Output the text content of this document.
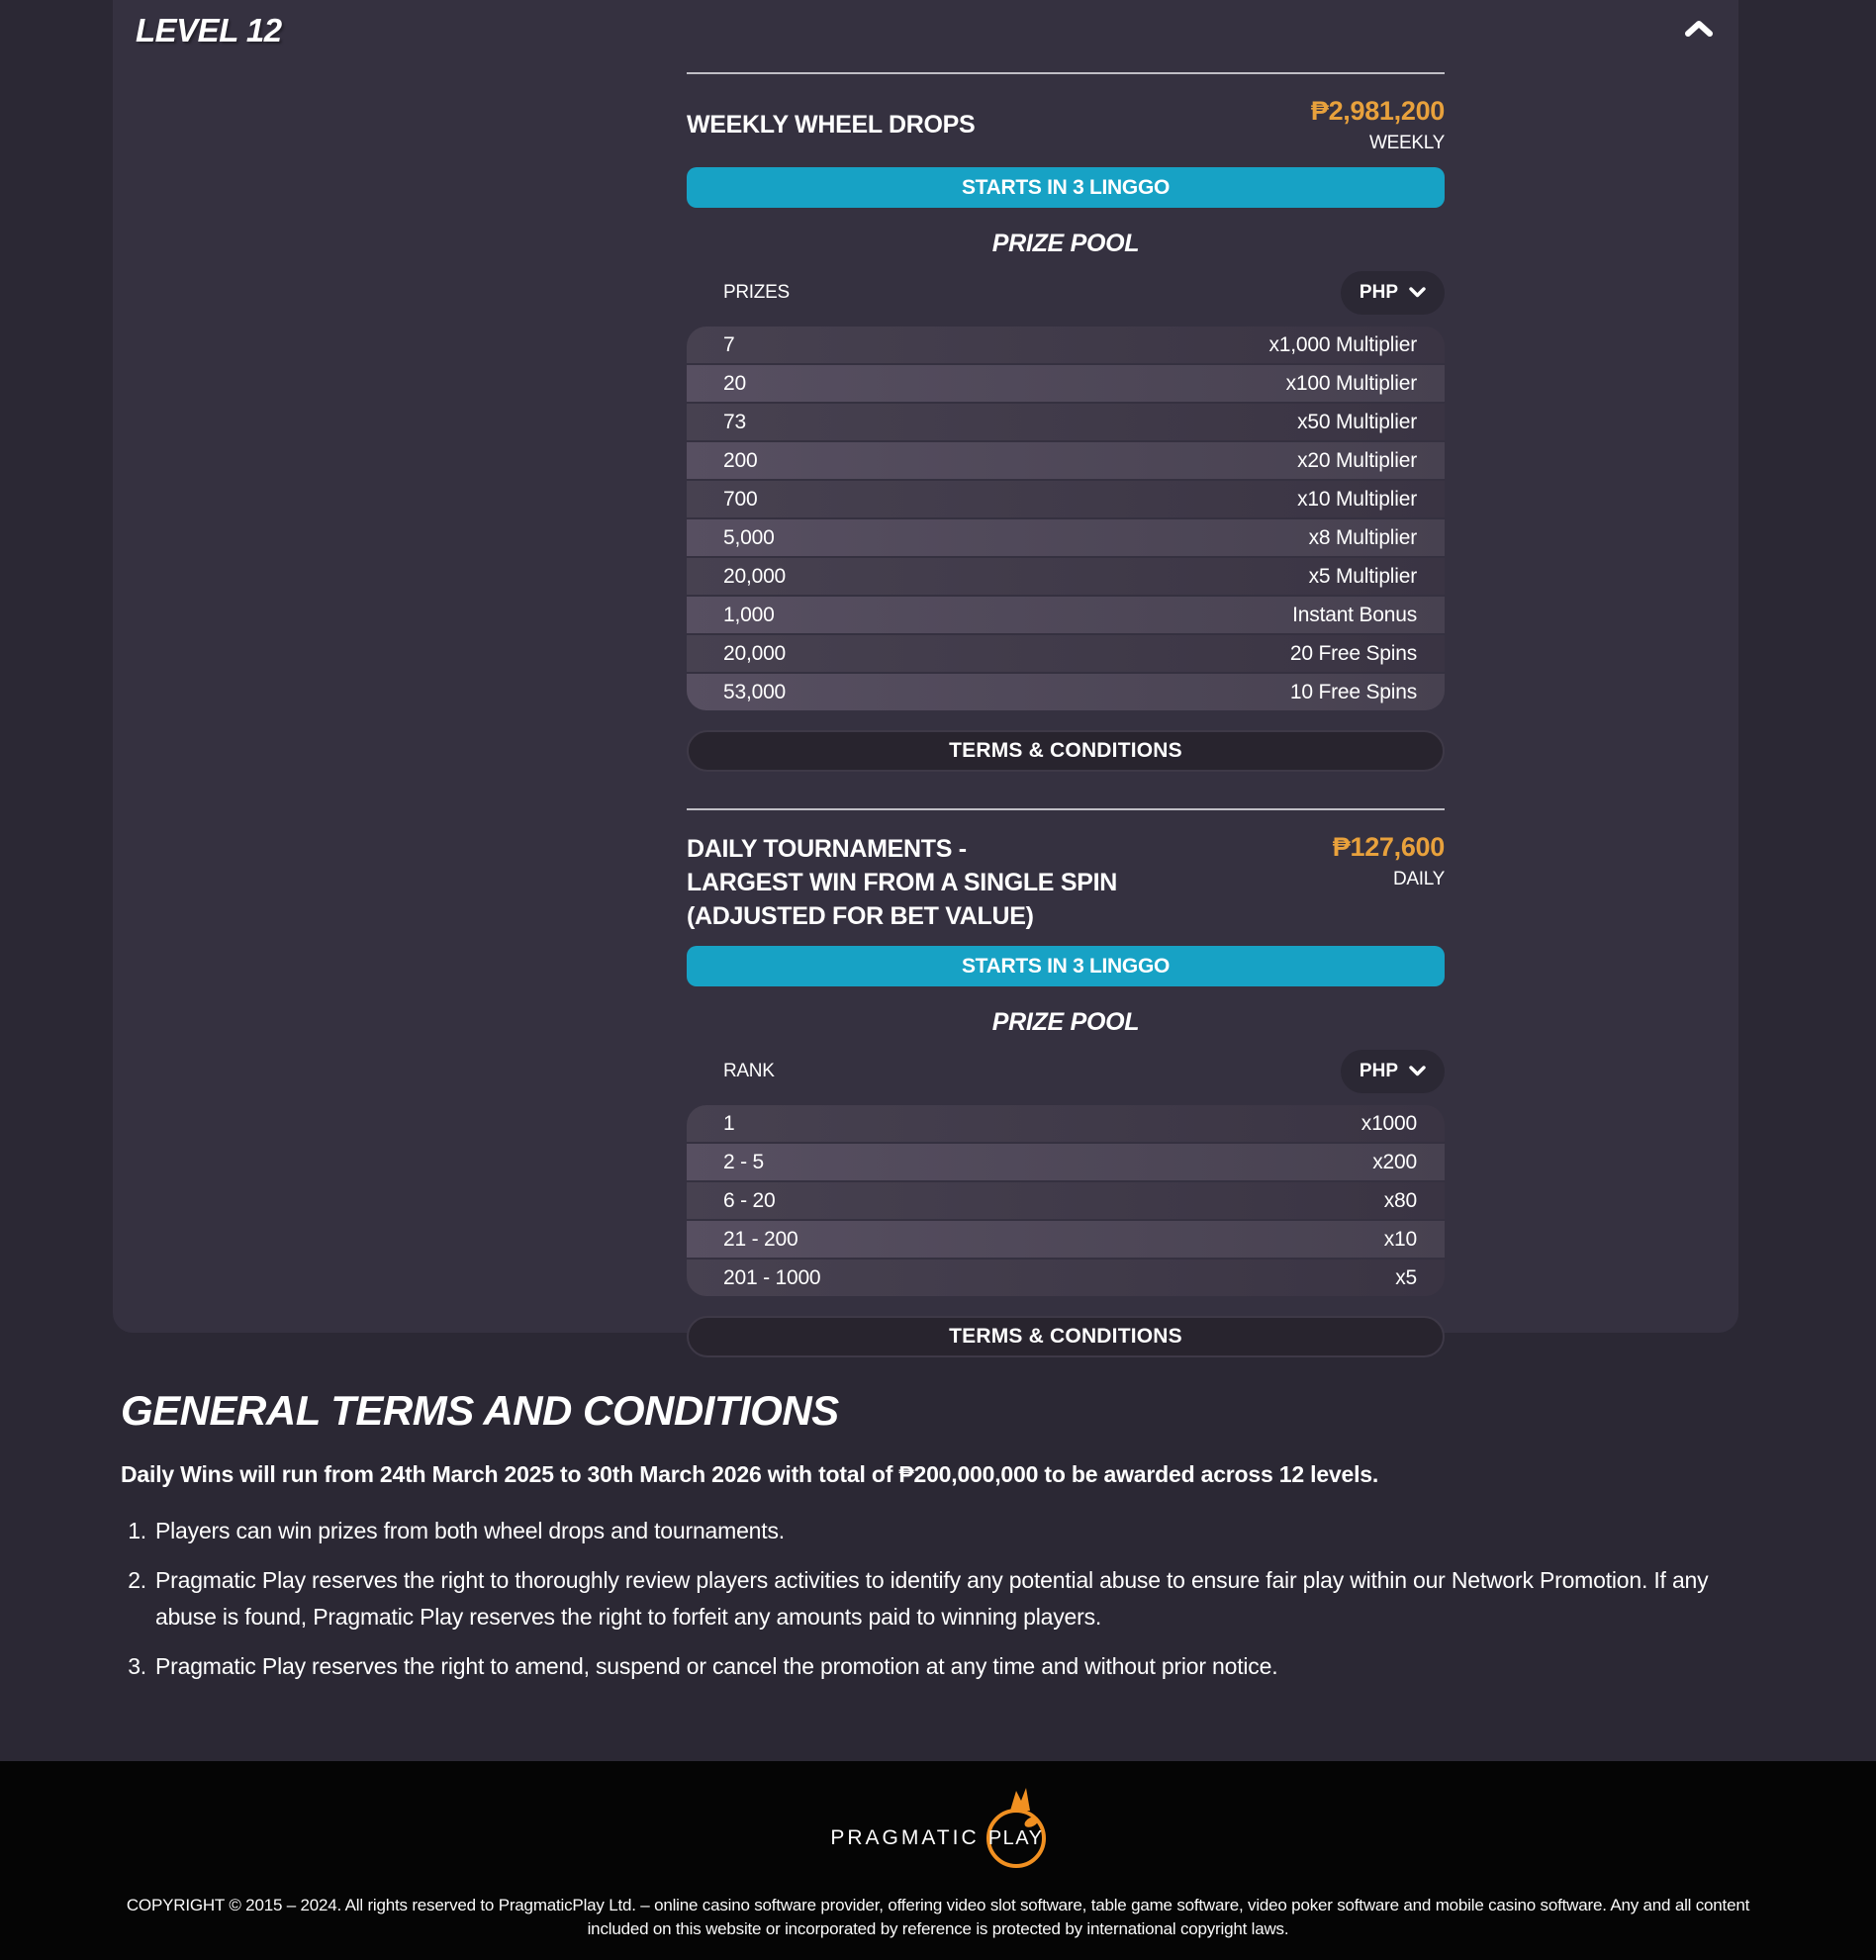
LEVEL 12
WEEKLY WHEEL DROPS	₱2,981,200
WEEKLY
STARTS IN 3 LINGGO
PRIZE POOL
PRIZES	PHP
7	x1,000 Multiplier
20	x100 Multiplier
73	x50 Multiplier
200	x20 Multiplier
700	x10 Multiplier
5,000	x8 Multiplier
20,000	x5 Multiplier
1,000	Instant Bonus
20,000	20 Free Spins
53,000	10 Free Spins
TERMS & CONDITIONS
DAILY TOURNAMENTS -
LARGEST WIN FROM A SINGLE SPIN (ADJUSTED FOR BET VALUE)
₱127,600
DAILY
STARTS IN 3 LINGGO
PRIZE POOL
RANK	PHP
1	x1000
2 - 5	x200
6 - 20	x80
21 - 200	x10
201 - 1000	x5
TERMS & CONDITIONS
GENERAL TERMS AND CONDITIONS
Daily Wins will run from 24th March 2025 to 30th March 2026 with total of ₱200,000,000 to be awarded across 12 levels.
1. Players can win prizes from both wheel drops and tournaments.
2. Pragmatic Play reserves the right to thoroughly review players activities to identify any potential abuse to ensure fair play within our Network Promotion. If any abuse is found, Pragmatic Play reserves the right to forfeit any amounts paid to winning players.
3. Pragmatic Play reserves the right to amend, suspend or cancel the promotion at any time and without prior notice.
PRAGMATIC PLAY
COPYRIGHT © 2015 – 2024. All rights reserved to PragmaticPlay Ltd. – online casino software provider, offering video slot software, table game software, video poker software and mobile casino software. Any and all content included on this website or incorporated by reference is protected by international copyright laws.
